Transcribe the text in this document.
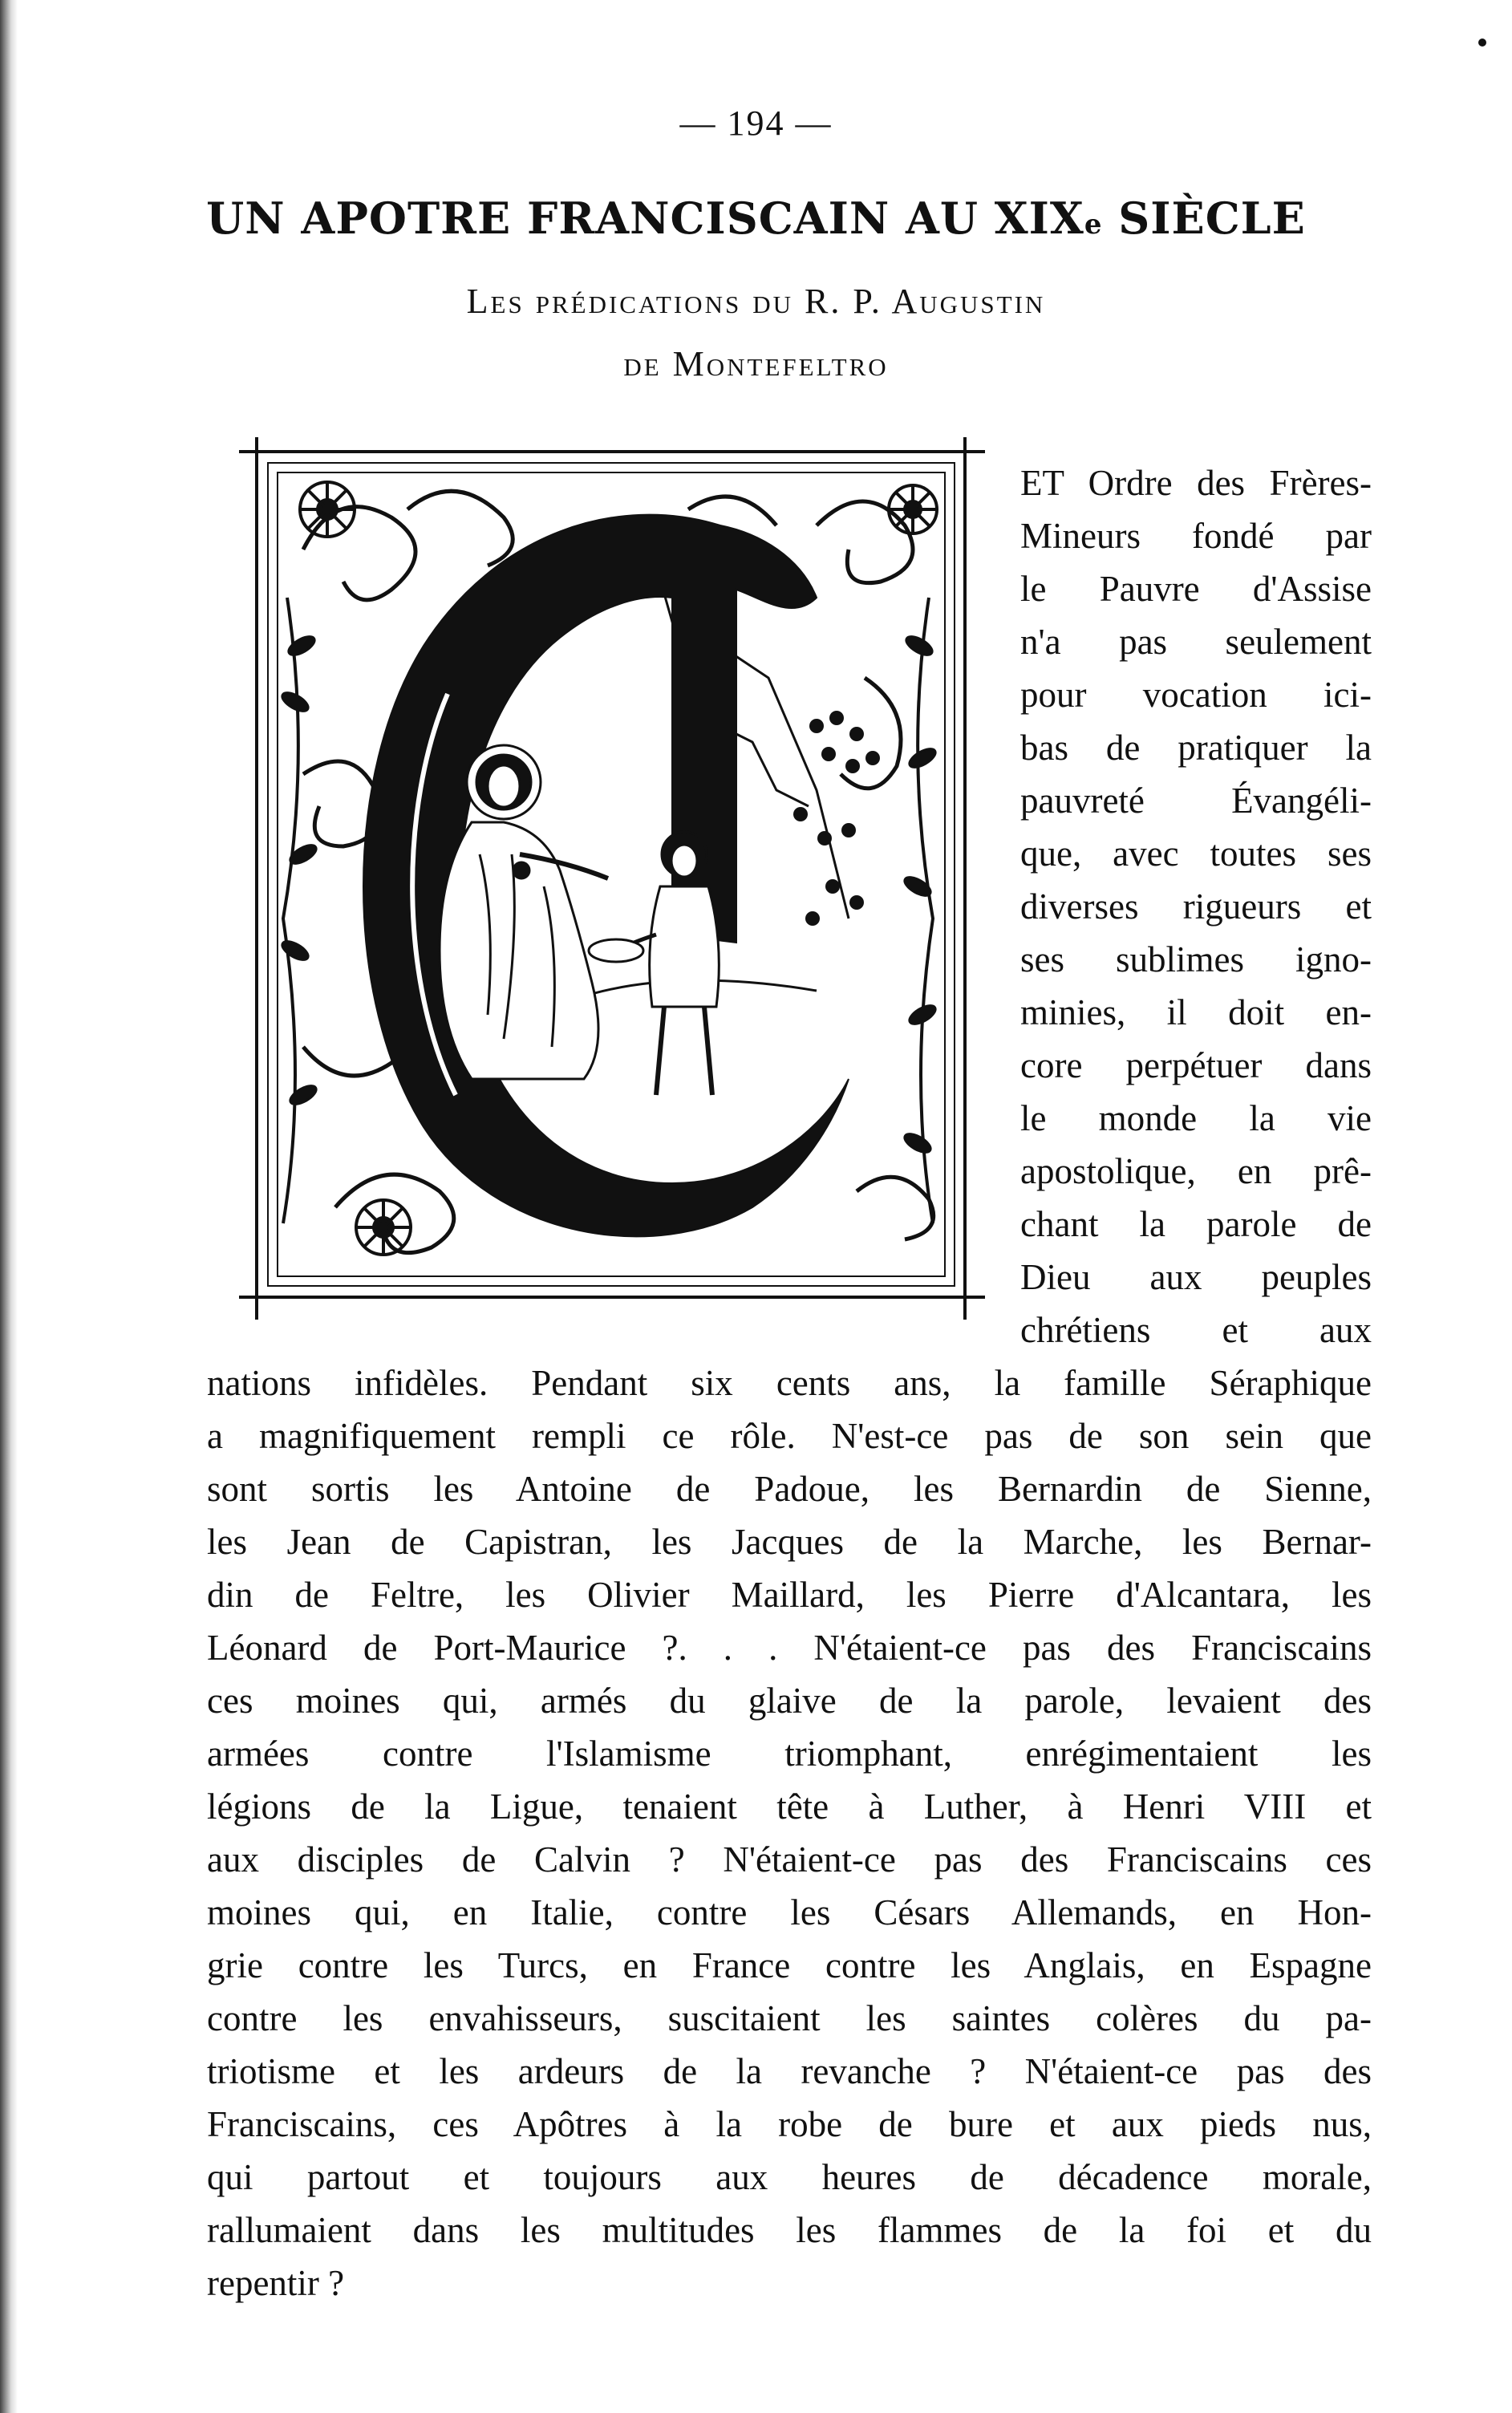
— 194 —
UN APOTRE FRANCISCAIN AU XIXe SIÈCLE
Les prédications du R. P. Augustin
de Montefeltro
ET Ordre des Frères-
Mineurs fondé par
le Pauvre d'Assise
n'a pas seulement
pour vocation ici-
bas de pratiquer la
pauvreté Évangéli-
que, avec toutes ses
diverses rigueurs et
ses sublimes igno-
minies, il doit en-
core perpétuer dans
le monde la vie
apostolique, en prê-
chant la parole de
Dieu aux peuples
chrétiens et aux
nations infidèles. Pendant six cents ans, la famille Séraphique
a magnifiquement rempli ce rôle. N'est-ce pas de son sein que
sont sortis les Antoine de Padoue, les Bernardin de Sienne,
les Jean de Capistran, les Jacques de la Marche, les Bernar-
din de Feltre, les Olivier Maillard, les Pierre d'Alcantara, les
Léonard de Port-Maurice ?. . . N'étaient-ce pas des Franciscains
ces moines qui, armés du glaive de la parole, levaient des
armées contre l'Islamisme triomphant, enrégimentaient les
légions de la Ligue, tenaient tête à Luther, à Henri VIII et
aux disciples de Calvin ? N'étaient-ce pas des Franciscains ces
moines qui, en Italie, contre les Césars Allemands, en Hon-
grie contre les Turcs, en France contre les Anglais, en Espagne
contre les envahisseurs, suscitaient les saintes colères du pa-
triotisme et les ardeurs de la revanche ? N'étaient-ce pas des
Franciscains, ces Apôtres à la robe de bure et aux pieds nus,
qui partout et toujours aux heures de décadence morale,
rallumaient dans les multitudes les flammes de la foi et du
repentir ?
